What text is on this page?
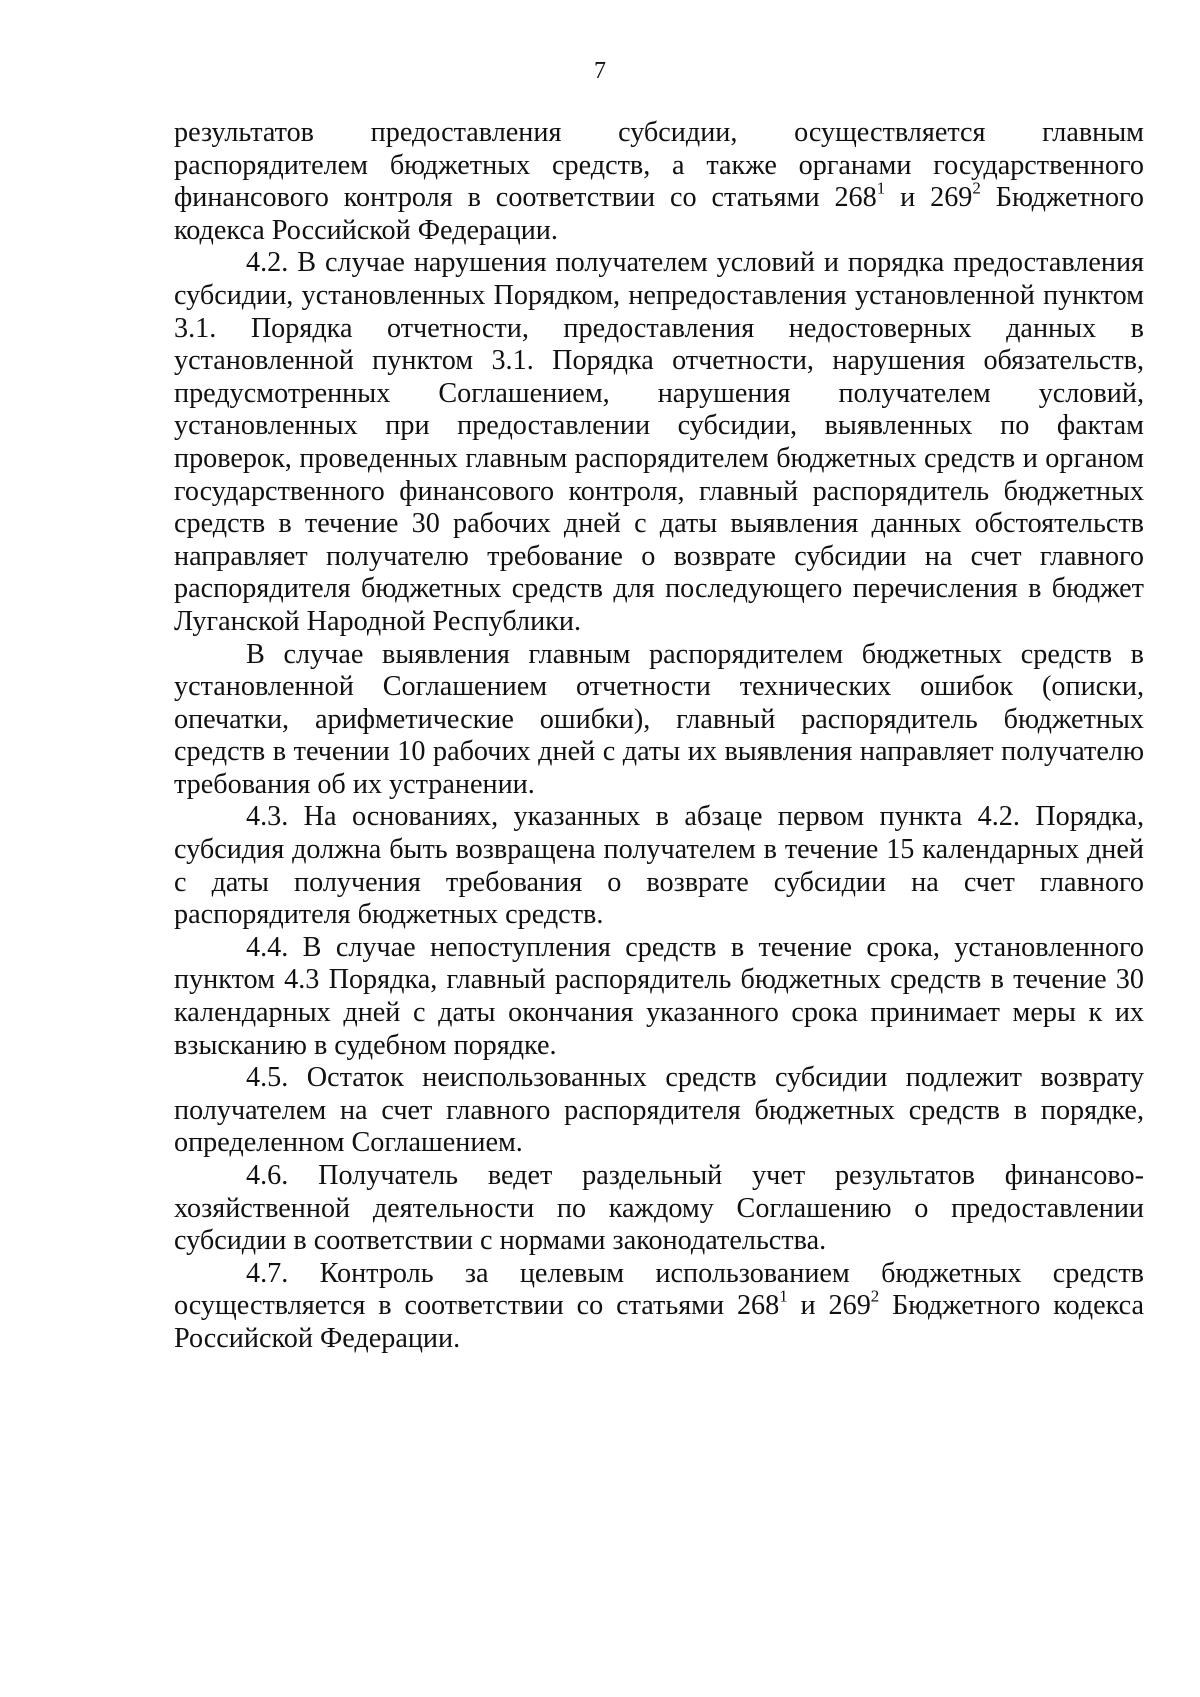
7

результатов предоставления субсидии, осуществляется главным распорядителем бюджетных средств, а также органами государственного финансового контроля в соответствии со статьями $268^1$ и $269^2$ Бюджетного кодекса Российской Федерации.

4.2. В случае нарушения получателем условий и порядка предоставления субсидии, установленных Порядком, непредоставления установленной пунктом 3.1. Порядка отчетности, предоставления недостоверных данных в установленной пунктом 3.1. Порядка отчетности, нарушения обязательств, предусмотренных Соглашением, нарушения получателем условий, установленных при предоставлении субсидии, выявленных по фактам проверок, проведенных главным распорядителем бюджетных средств и органом государственного финансового контроля, главный распорядитель бюджетных средств в течение 30 рабочих дней с даты выявления данных обстоятельств направляет получателю требование о возврате субсидии на счет главного распорядителя бюджетных средств для последующего перечисления в бюджет Луганской Народной Республики.

В случае выявления главным распорядителем бюджетных средств в установленной Соглашением отчетности технических ошибок (описки, опечатки, арифметические ошибки), главный распорядитель бюджетных средств в течении 10 рабочих дней с даты их выявления направляет получателю требования об их устранении.

4.3. На основаниях, указанных в абзаце первом пункта 4.2. Порядка, субсидия должна быть возвращена получателем в течение 15 календарных дней с даты получения требования о возврате субсидии на счет главного распорядителя бюджетных средств.

4.4. В случае непоступления средств в течение срока, установленного пунктом 4.3 Порядка, главный распорядитель бюджетных средств в течение 30 календарных дней с даты окончания указанного срока принимает меры к их взысканию в судебном порядке.

4.5. Остаток неиспользованных средств субсидии подлежит возврату получателем на счет главного распорядителя бюджетных средств в порядке, определенном Соглашением.

4.6. Получатель ведет раздельный учет результатов финансово-хозяйственной деятельности по каждому Соглашению о предоставлении субсидии в соответствии с нормами законодательства.

4.7. Контроль за целевым использованием бюджетных средств осуществляется в соответствии со статьями $268^1$ и $269^2$ Бюджетного кодекса Российской Федерации.
